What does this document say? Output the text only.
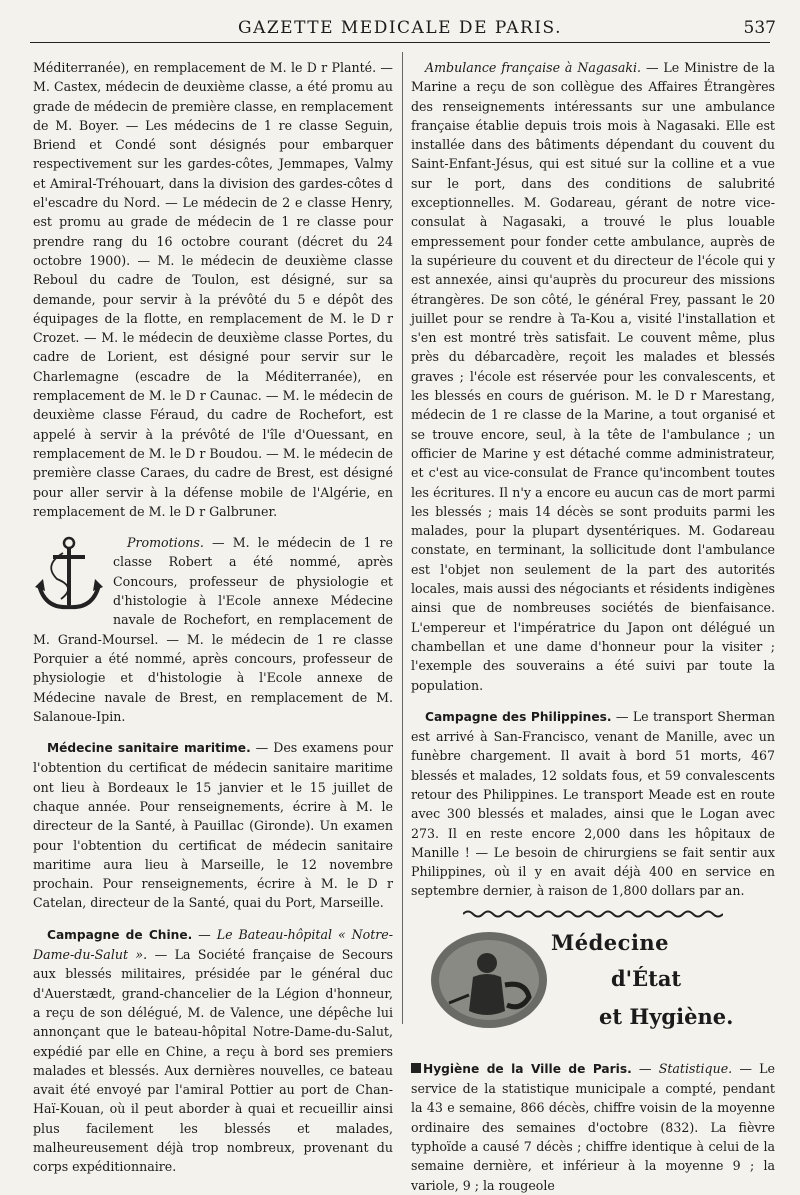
GAZETTE MEDICALE DE PARIS.	537

Méditerranée), en remplacement de M. le D r Planté. — M. Castex, médecin de deuxième classe, a été promu au grade de médecin de première classe, en remplacement de M. Boyer. — Les médecins de 1 re classe Seguin, Briend et Condé sont désignés pour embarquer respectivement sur les gardes-côtes, Jemmapes, Valmy et Amiral-Tréhouart, dans la division des gardes-côtes d el'escadre du Nord. — Le médecin de 2 e classe Henry, est promu au grade de médecin de 1 re classe pour prendre rang du 16 octobre courant (décret du 24 octobre 1900). — M. le médecin de deuxième classe Reboul du cadre de Toulon, est désigné, sur sa demande, pour servir à la prévôté du 5 e dépôt des équipages de la flotte, en remplacement de M. le D r Crozet. — M. le médecin de deuxième classe Portes, du cadre de Lorient, est désigné pour servir sur le Charlemagne (escadre de la Méditerranée), en remplacement de M. le D r Caunac. — M. le médecin de deuxième classe Féraud, du cadre de Rochefort, est appelé à servir à la prévôté de l'île d'Ouessant, en remplacement de M. le D r Boudou. — M. le médecin de première classe Caraes, du cadre de Brest, est désigné pour aller servir à la défense mobile de l'Algérie, en remplacement de M. le D r Galbruner.

Promotions. — M. le médecin de 1 re classe Robert a été nommé, après Concours, professeur de physiologie et d'histologie à l'Ecole annexe Médecine navale de Rochefort, en remplacement de M. Grand-Moursel. — M. le médecin de 1 re classe Porquier a été nommé, après concours, professeur de physiologie et d'histologie à l'Ecole annexe de Médecine navale de Brest, en remplacement de M. Salanoue-Ipin.

Médecine sanitaire maritime. — Des examens pour l'obtention du certificat de médecin sanitaire maritime ont lieu à Bordeaux le 15 janvier et le 15 juillet de chaque année. Pour renseignements, écrire à M. le directeur de la Santé, à Pauillac (Gironde). Un examen pour l'obtention du certificat de médecin sanitaire maritime aura lieu à Marseille, le 12 novembre prochain. Pour renseignements, écrire à M. le D r Catelan, directeur de la Santé, quai du Port, Marseille.

Campagne de Chine. — Le Bateau-hôpital « Notre-Dame-du-Salut ». — La Société française de Secours aux blessés militaires, présidée par le général duc d'Auerstædt, grand-chancelier de la Légion d'honneur, a reçu de son délégué, M. de Valence, une dépêche lui annonçant que le bateau-hôpital Notre-Dame-du-Salut, expédié par elle en Chine, a reçu à bord ses premiers malades et blessés. Aux dernières nouvelles, ce bateau avait été envoyé par l'amiral Pottier au port de Chan-Haï-Kouan, où il peut aborder à quai et recueillir ainsi plus facilement les blessés et malades, malheureusement déjà trop nombreux, provenant du corps expéditionnaire.

Ambulance française à Nagasaki. — Le Ministre de la Marine a reçu de son collègue des Affaires Étrangères des renseignements intéressants sur une ambulance française établie depuis trois mois à Nagasaki. Elle est installée dans des bâtiments dépendant du couvent du Saint-Enfant-Jésus, qui est situé sur la colline et a vue sur le port, dans des conditions de salubrité exceptionnelles. M. Godareau, gérant de notre vice-consulat à Nagasaki, a trouvé le plus louable empressement pour fonder cette ambulance, auprès de la supérieure du couvent et du directeur de l'école qui y est annexée, ainsi qu'auprès du procureur des missions étrangères. De son côté, le général Frey, passant le 20 juillet pour se rendre à Ta-Kou a, visité l'installation et s'en est montré très satisfait. Le couvent même, plus près du débarcadère, reçoit les malades et blessés graves ; l'école est réservée pour les convalescents, et les blessés en cours de guérison. M. le D r Marestang, médecin de 1 re classe de la Marine, a tout organisé et se trouve encore, seul, à la tête de l'ambulance ; un officier de Marine y est détaché comme administrateur, et c'est au vice-consulat de France qu'incombent toutes les écritures. Il n'y a encore eu aucun cas de mort parmi les blessés ; mais 14 décès se sont produits parmi les malades, pour la plupart dysentériques. M. Godareau constate, en terminant, la sollicitude dont l'ambulance est l'objet non seulement de la part des autorités locales, mais aussi des négociants et résidents indigènes ainsi que de nombreuses sociétés de bienfaisance. L'empereur et l'impératrice du Japon ont délégué un chambellan et une dame d'honneur pour la visiter ; l'exemple des souverains a été suivi par toute la population.

Campagne des Philippines. — Le transport Sherman est arrivé à San-Francisco, venant de Manille, avec un funèbre chargement. Il avait à bord 51 morts, 467 blessés et malades, 12 soldats fous, et 59 convalescents retour des Philippines. Le transport Meade est en route avec 300 blessés et malades, ainsi que le Logan avec 273. Il en reste encore 2,000 dans les hôpitaux de Manille ! — Le besoin de chirurgiens se fait sentir aux Philippines, où il y en avait déjà 400 en service en septembre dernier, à raison de 1,800 dollars par an.

Médecine
d'État
et Hygiène.

Hygiène de la Ville de Paris. — Statistique. — Le service de la statistique municipale a compté, pendant la 43 e semaine, 866 décès, chiffre voisin de la moyenne ordinaire des semaines d'octobre (832). La fièvre typhoïde a causé 7 décès ; chiffre identique à celui de la semaine dernière, et inférieur à la moyenne 9 ; la variole, 9 ; la rougeole
